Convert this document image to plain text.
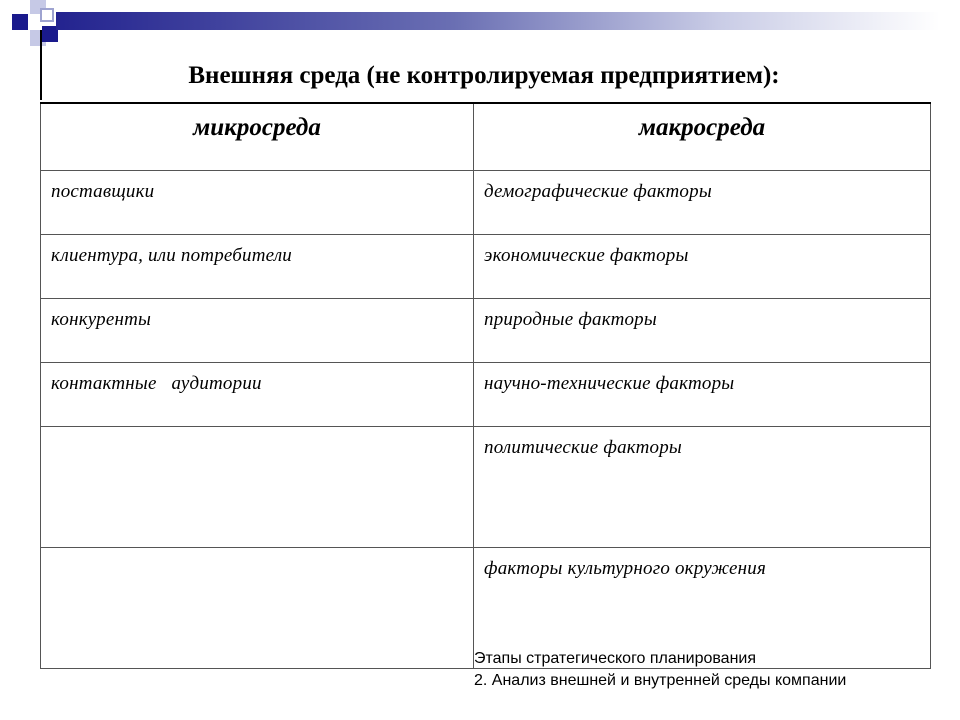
Внешняя среда (не контролируемая предприятием):
микросреда	макросреда
поставщики	демографические факторы
клиентура, или потребители	экономические факторы
конкуренты	природные факторы
контактные   аудитории	научно-технические факторы
	политические факторы
	факторы культурного окружения
Этапы стратегического планирования
2. Анализ внешней и внутренней среды компании
